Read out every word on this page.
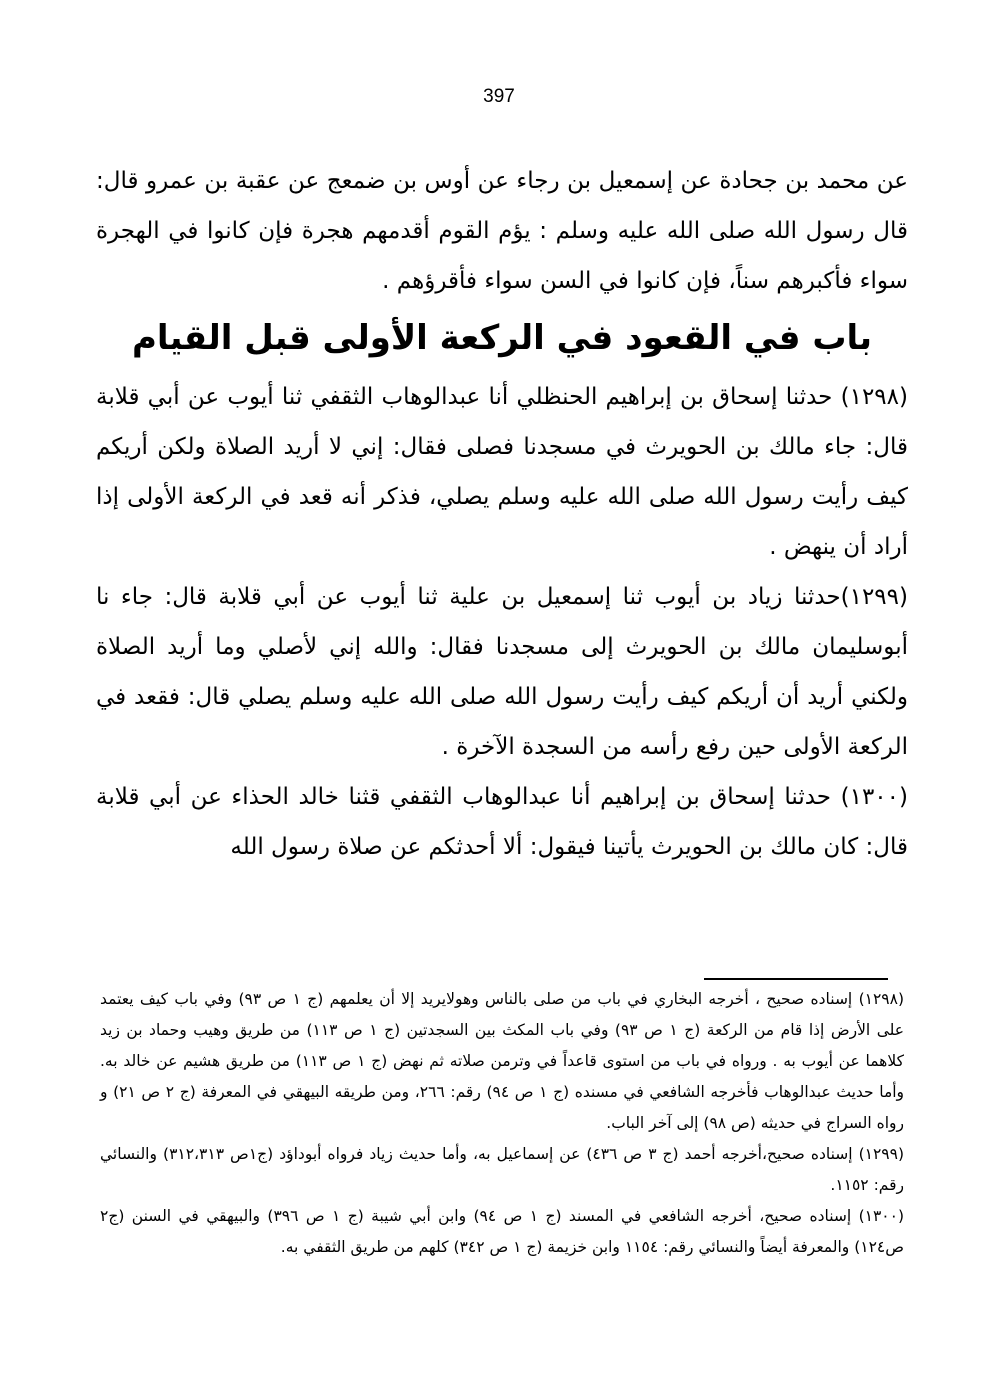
397

عن محمد بن جحادة عن إسمعيل بن رجاء عن أوس بن ضمعج عن عقبة بن عمرو قال: قال رسول الله صلى الله عليه وسلم : يؤم القوم أقدمهم هجرة فإن كانوا في الهجرة سواء فأكبرهم سناً، فإن كانوا في السن سواء فأقرؤهم .

باب في القعود في الركعة الأولى قبل القيام

(١٢٩٨) حدثنا إسحاق بن إبراهيم الحنظلي أنا عبدالوهاب الثقفي ثنا أيوب عن أبي قلابة قال: جاء مالك بن الحويرث في مسجدنا فصلى فقال: إني لا أريد الصلاة ولكن أريكم كيف رأيت رسول الله صلى الله عليه وسلم يصلي، فذكر أنه قعد في الركعة الأولى إذا أراد أن ينهض .

(١٢٩٩)حدثنا زياد بن أيوب ثنا إسمعيل بن علية ثنا أيوب عن أبي قلابة قال: جاء نا أبوسليمان مالك بن الحويرث إلى مسجدنا فقال: والله إني لأصلي وما أريد الصلاة ولكني أريد أن أريكم كيف رأيت رسول الله صلى الله عليه وسلم يصلي قال: فقعد في الركعة الأولى حين رفع رأسه من السجدة الآخرة .

(١٣٠٠) حدثنا إسحاق بن إبراهيم أنا عبدالوهاب الثقفي قثنا خالد الحذاء عن أبي قلابة قال: كان مالك بن الحويرث يأتينا فيقول: ألا أحدثكم عن صلاة رسول الله

(١٢٩٨) إسناده صحيح ، أخرجه البخاري في باب من صلى بالناس وهولايريد إلا أن يعلمهم (ج ١ ص ٩٣) وفي باب كيف يعتمد على الأرض إذا قام من الركعة (ج ١ ص ٩٣) وفي باب المكث بين السجدتين (ج ١ ص ١١٣) من طريق وهيب وحماد بن زيد كلاهما عن أيوب به . ورواه في باب من استوى قاعداً في وترمن صلاته ثم نهض (ج ١ ص ١١٣) من طريق هشيم عن خالد به. وأما حديث عبدالوهاب فأخرجه الشافعي في مسنده (ج ١ ص ٩٤) رقم: ٢٦٦، ومن طريقه البيهقي في المعرفة (ج ٢ ص ٢١) و رواه السراج في حديثه (ص ٩٨) إلى آخر الباب.

(١٢٩٩) إسناده صحيح،أخرجه أحمد (ج ٣ ص ٤٣٦) عن إسماعيل به، وأما حديث زياد فرواه أبوداؤد (ج١ص ٣١٢،٣١٣) والنسائي رقم: ١١٥٢.

(١٣٠٠) إسناده صحيح، أخرجه الشافعي في المسند (ج ١ ص ٩٤) وابن أبي شيبة (ج ١ ص ٣٩٦) والبيهقي في السنن (ج٢ ص١٢٤) والمعرفة أيضاً والنسائي رقم: ١١٥٤ وابن خزيمة (ج ١ ص ٣٤٢) كلهم من طريق الثقفي به.
